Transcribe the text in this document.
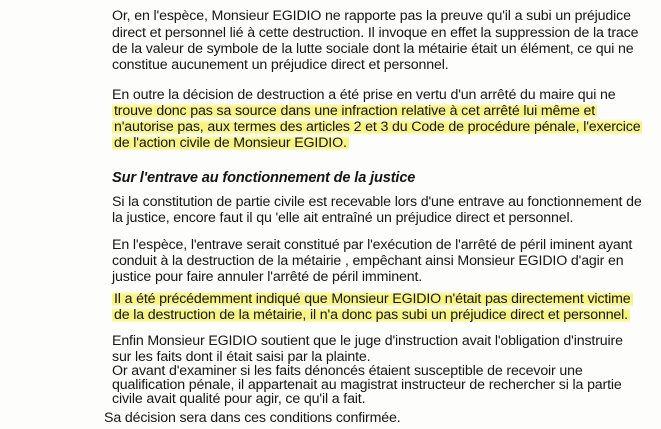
Or, en l'espèce, Monsieur EGIDIO ne rapporte pas la preuve qu'il a subi un préjudice
direct et personnel lié à cette destruction. Il invoque en effet la suppression de la trace
de la valeur de symbole de la lutte sociale dont la métairie était un élément, ce qui ne
constitue aucunement un préjudice direct et personnel.
En outre la décision de destruction a été prise en vertu d'un arrêté du maire qui ne
trouve donc pas sa source dans une infraction relative à cet arrêté lui même et
n'autorise pas, aux termes des articles 2 et 3 du Code de procédure pénale, l'exercice
de l'action civile de Monsieur EGIDIO.
Sur l'entrave au fonctionnement de la justice
Si la constitution de partie civile est recevable lors d'une entrave au fonctionnement de
la justice, encore faut il qu 'elle ait entraîné un préjudice direct et personnel.
En l'espèce, l'entrave serait constitué par l'exécution de l'arrêté de péril iminent ayant
conduit à la destruction de la métairie , empêchant ainsi Monsieur EGIDIO d'agir en
justice pour faire annuler l'arrêté de péril imminent.
Il a été précédemment indiqué que Monsieur EGIDIO n'était pas directement victime
de la destruction de la métairie, il n'a donc pas subi un préjudice direct et personnel.
Enfin Monsieur EGIDIO soutient que le juge d'instruction avait l'obligation d'instruire
sur les faits dont il était saisi par la plainte.
Or avant d'examiner si les faits dénoncés étaient susceptible de recevoir une
qualification pénale, il appartenait au magistrat instructeur de rechercher si la partie
civile avait qualité pour agir, ce qu'il a fait.
Sa décision sera dans ces conditions confirmée.
